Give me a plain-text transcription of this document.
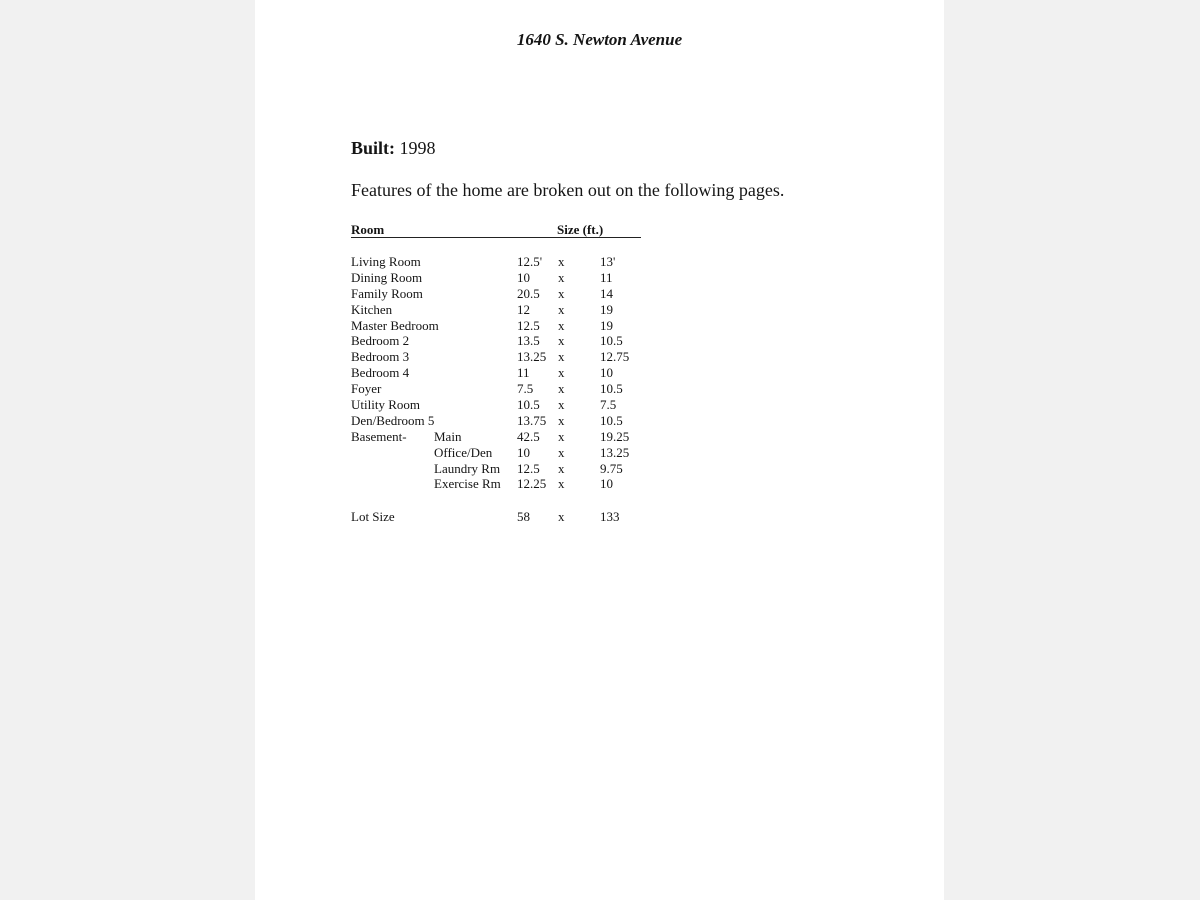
1640 S. Newton Avenue
Built: 1998
Features of the home are broken out on the following pages.
Room	Size (ft.)
Living Room	12.5' x	13'
Dining Room	10 x	11
Family Room	20.5 x	14
Kitchen	12 x	19
Master Bedroom	12.5 x	19
Bedroom 2	13.5 x	10.5
Bedroom 3	13.25 x	12.75
Bedroom 4	11 x	10
Foyer	7.5 x	10.5
Utility Room	10.5 x	7.5
Den/Bedroom 5	13.75 x	10.5
Basement- Main	42.5 x	19.25
Office/Den 10 x	13.25
Laundry Rm 12.5 x	9.75
Exercise Rm 12.25 x	10
Lot Size	58 x	133
